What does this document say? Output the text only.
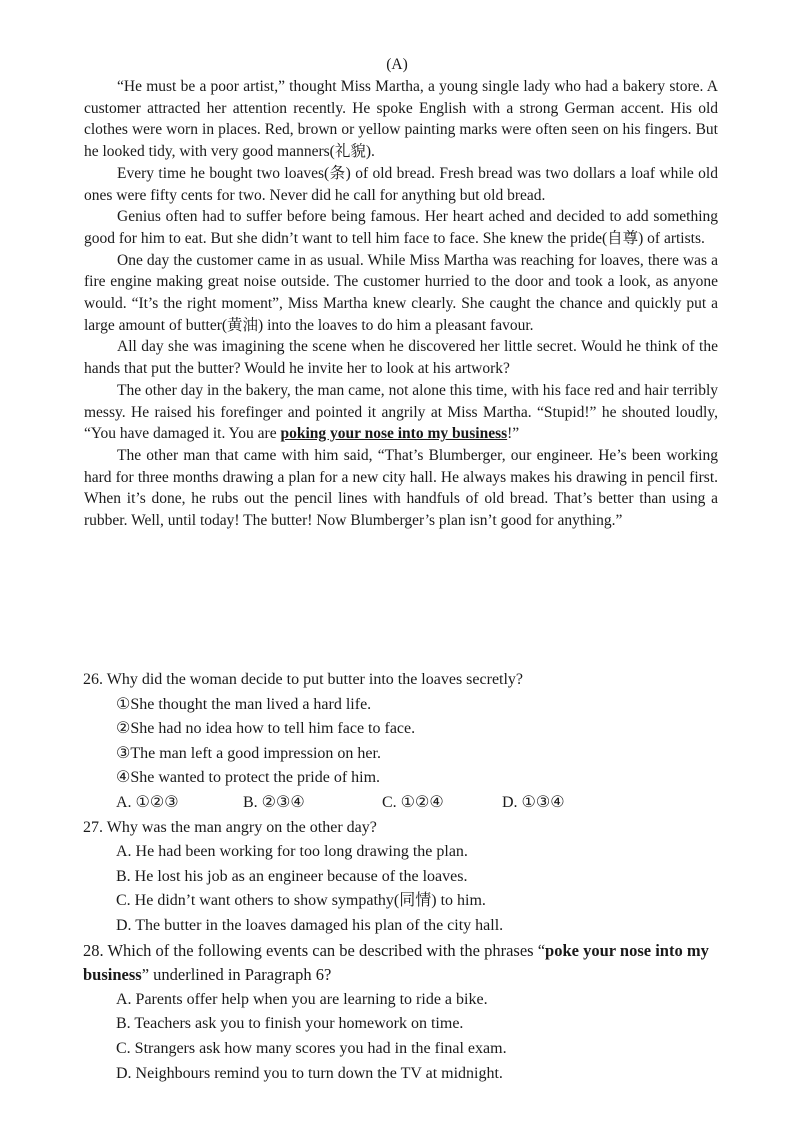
(A)

“He must be a poor artist,” thought Miss Martha, a young single lady who had a bakery store. A customer attracted her attention recently. He spoke English with a strong German accent. His old clothes were worn in places. Red, brown or yellow painting marks were often seen on his fingers. But he looked tidy, with very good manners(礼貌).

Every time he bought two loaves(条) of old bread. Fresh bread was two dollars a loaf while old ones were fifty cents for two. Never did he call for anything but old bread.

Genius often had to suffer before being famous. Her heart ached and decided to add something good for him to eat. But she didn’t want to tell him face to face. She knew the pride(自尊) of artists.

One day the customer came in as usual. While Miss Martha was reaching for loaves, there was a fire engine making great noise outside. The customer hurried to the door and took a look, as anyone would. “It’s the right moment”, Miss Martha knew clearly. She caught the chance and quickly put a large amount of butter(黄油) into the loaves to do him a pleasant favour.

All day she was imagining the scene when he discovered her little secret. Would he think of the hands that put the butter? Would he invite her to look at his artwork?

The other day in the bakery, the man came, not alone this time, with his face red and hair terribly messy. He raised his forefinger and pointed it angrily at Miss Martha. “Stupid!” he shouted loudly, “You have damaged it. You are poking your nose into my business!”

The other man that came with him said, “That’s Blumberger, our engineer. He’s been working hard for three months drawing a plan for a new city hall. He always makes his drawing in pencil first. When it’s done, he rubs out the pencil lines with handfuls of old bread. That’s better than using a rubber. Well, until today! The butter! Now Blumberger’s plan isn’t good for anything.”

26. Why did the woman decide to put butter into the loaves secretly?

①She thought the man lived a hard life.

②She had no idea how to tell him face to face.

③The man left a good impression on her.

④She wanted to protect the pride of him.

A. ①②③	B. ②③④	C. ①②④	D. ①③④

27. Why was the man angry on the other day?

A. He had been working for too long drawing the plan.

B. He lost his job as an engineer because of the loaves.

C. He didn’t want others to show sympathy(同情) to him.

D. The butter in the loaves damaged his plan of the city hall.

28. Which of the following events can be described with the phrases “poke your nose into my business” underlined in Paragraph 6?

A. Parents offer help when you are learning to ride a bike.

B. Teachers ask you to finish your homework on time.

C. Strangers ask how many scores you had in the final exam.

D. Neighbours remind you to turn down the TV at midnight.
